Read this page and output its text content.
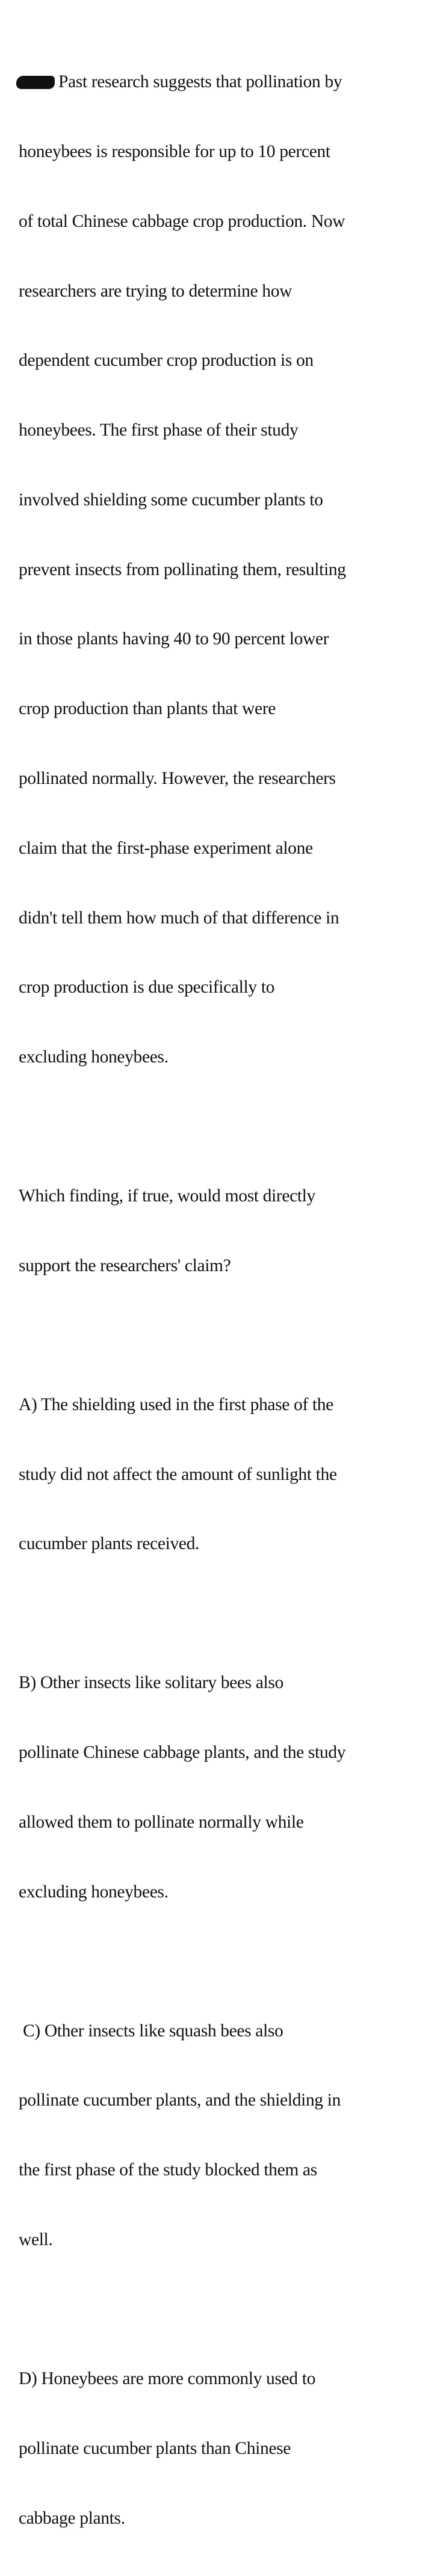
Past research suggests that pollination by

honeybees is responsible for up to 10 percent

of total Chinese cabbage crop production. Now

researchers are trying to determine how

dependent cucumber crop production is on

honeybees. The first phase of their study

involved shielding some cucumber plants to

prevent insects from pollinating them, resulting

in those plants having 40 to 90 percent lower

crop production than plants that were

pollinated normally. However, the researchers

claim that the first-phase experiment alone

didn't tell them how much of that difference in

crop production is due specifically to

excluding honeybees.

Which finding, if true, would most directly

support the researchers' claim?

A) The shielding used in the first phase of the

study did not affect the amount of sunlight the

cucumber plants received.

B) Other insects like solitary bees also

pollinate Chinese cabbage plants, and the study

allowed them to pollinate normally while

excluding honeybees.

C) Other insects like squash bees also

pollinate cucumber plants, and the shielding in

the first phase of the study blocked them as

well.

D) Honeybees are more commonly used to

pollinate cucumber plants than Chinese

cabbage plants.
